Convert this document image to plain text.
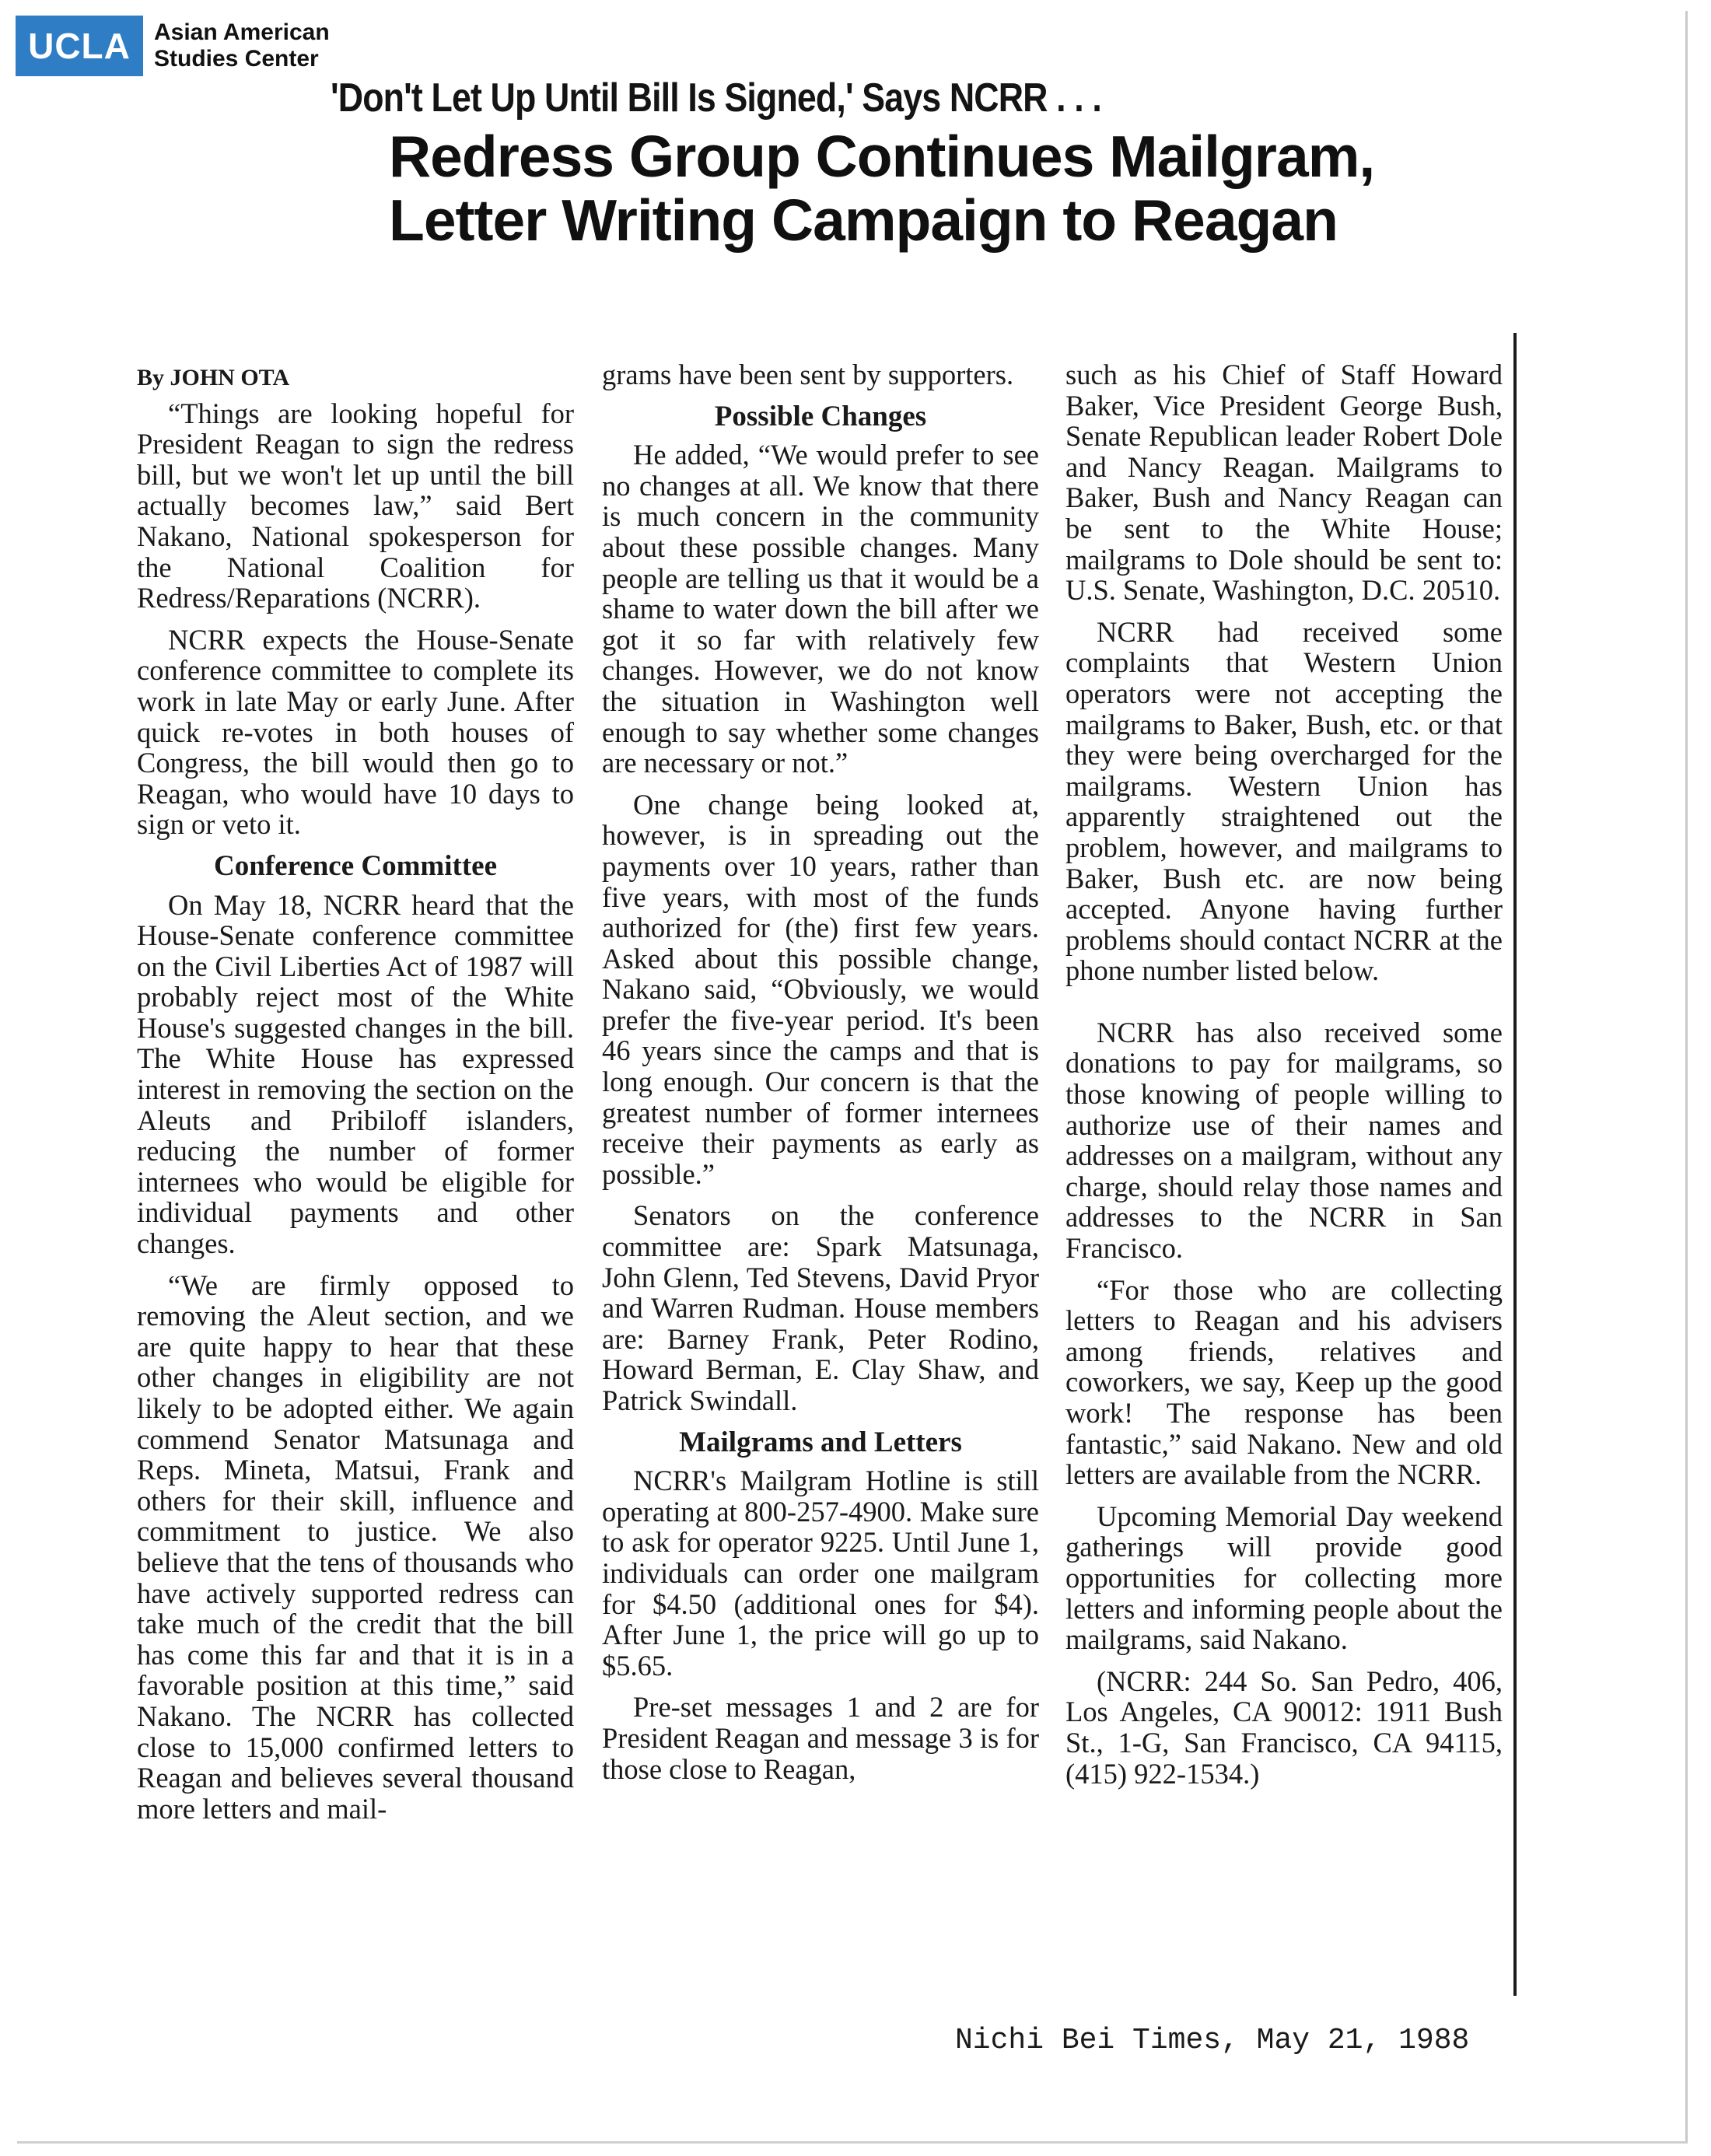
UCLA	Asian American
Studies Center
'Don't Let Up Until Bill Is Signed,' Says NCRR . . .
Redress Group Continues Mailgram,
Letter Writing Campaign to Reagan

By JOHN OTA

“Things are looking hopeful for President Reagan to sign the redress bill, but we won't let up until the bill actually becomes law,” said Bert Nakano, National spokesperson for the National Coalition for Redress/Reparations (NCRR).

NCRR expects the House-Senate conference committee to complete its work in late May or early June. After quick re-votes in both houses of Congress, the bill would then go to Reagan, who would have 10 days to sign or veto it.

Conference Committee

On May 18, NCRR heard that the House-Senate conference committee on the Civil Liberties Act of 1987 will probably reject most of the White House's suggested changes in the bill. The White House has expressed interest in removing the section on the Aleuts and Pribiloff islanders, reducing the number of former internees who would be eligible for individual payments and other changes.

“We are firmly opposed to removing the Aleut section, and we are quite happy to hear that these other changes in eligibility are not likely to be adopted either. We again commend Senator Matsunaga and Reps. Mineta, Matsui, Frank and others for their skill, influence and commitment to justice. We also believe that the tens of thousands who have actively supported redress can take much of the credit that the bill has come this far and that it is in a favorable position at this time,” said Nakano. The NCRR has collected close to 15,000 confirmed letters to Reagan and believes several thousand more letters and mail-

grams have been sent by supporters.

Possible Changes

He added, “We would prefer to see no changes at all. We know that there is much concern in the community about these possible changes. Many people are telling us that it would be a shame to water down the bill after we got it so far with relatively few changes. However, we do not know the situation in Washington well enough to say whether some changes are necessary or not.”

One change being looked at, however, is in spreading out the payments over 10 years, rather than five years, with most of the funds authorized for (the) first few years. Asked about this possible change, Nakano said, “Obviously, we would prefer the five-year period. It's been 46 years since the camps and that is long enough. Our concern is that the greatest number of former internees receive their payments as early as possible.”

Senators on the conference committee are: Spark Matsunaga, John Glenn, Ted Stevens, David Pryor and Warren Rudman. House members are: Barney Frank, Peter Rodino, Howard Berman, E. Clay Shaw, and Patrick Swindall.

Mailgrams and Letters

NCRR's Mailgram Hotline is still operating at 800-257-4900. Make sure to ask for operator 9225. Until June 1, individuals can order one mailgram for $4.50 (additional ones for $4). After June 1, the price will go up to $5.65.

Pre-set messages 1 and 2 are for President Reagan and message 3 is for those close to Reagan,

such as his Chief of Staff Howard Baker, Vice President George Bush, Senate Republican leader Robert Dole and Nancy Reagan. Mailgrams to Baker, Bush and Nancy Reagan can be sent to the White House; mailgrams to Dole should be sent to: U.S. Senate, Washington, D.C. 20510.

NCRR had received some complaints that Western Union operators were not accepting the mailgrams to Baker, Bush, etc. or that they were being overcharged for the mailgrams. Western Union has apparently straightened out the problem, however, and mailgrams to Baker, Bush etc. are now being accepted. Anyone having further problems should contact NCRR at the phone number listed below.

NCRR has also received some donations to pay for mailgrams, so those knowing of people willing to authorize use of their names and addresses on a mailgram, without any charge, should relay those names and addresses to the NCRR in San Francisco.

“For those who are collecting letters to Reagan and his advisers among friends, relatives and coworkers, we say, Keep up the good work! The response has been fantastic,” said Nakano. New and old letters are available from the NCRR.

Upcoming Memorial Day weekend gatherings will provide good opportunities for collecting more letters and informing people about the mailgrams, said Nakano.

(NCRR: 244 So. San Pedro, 406, Los Angeles, CA 90012: 1911 Bush St., 1-G, San Francisco, CA 94115, (415) 922-1534.)

Nichi Bei Times, May 21, 1988
